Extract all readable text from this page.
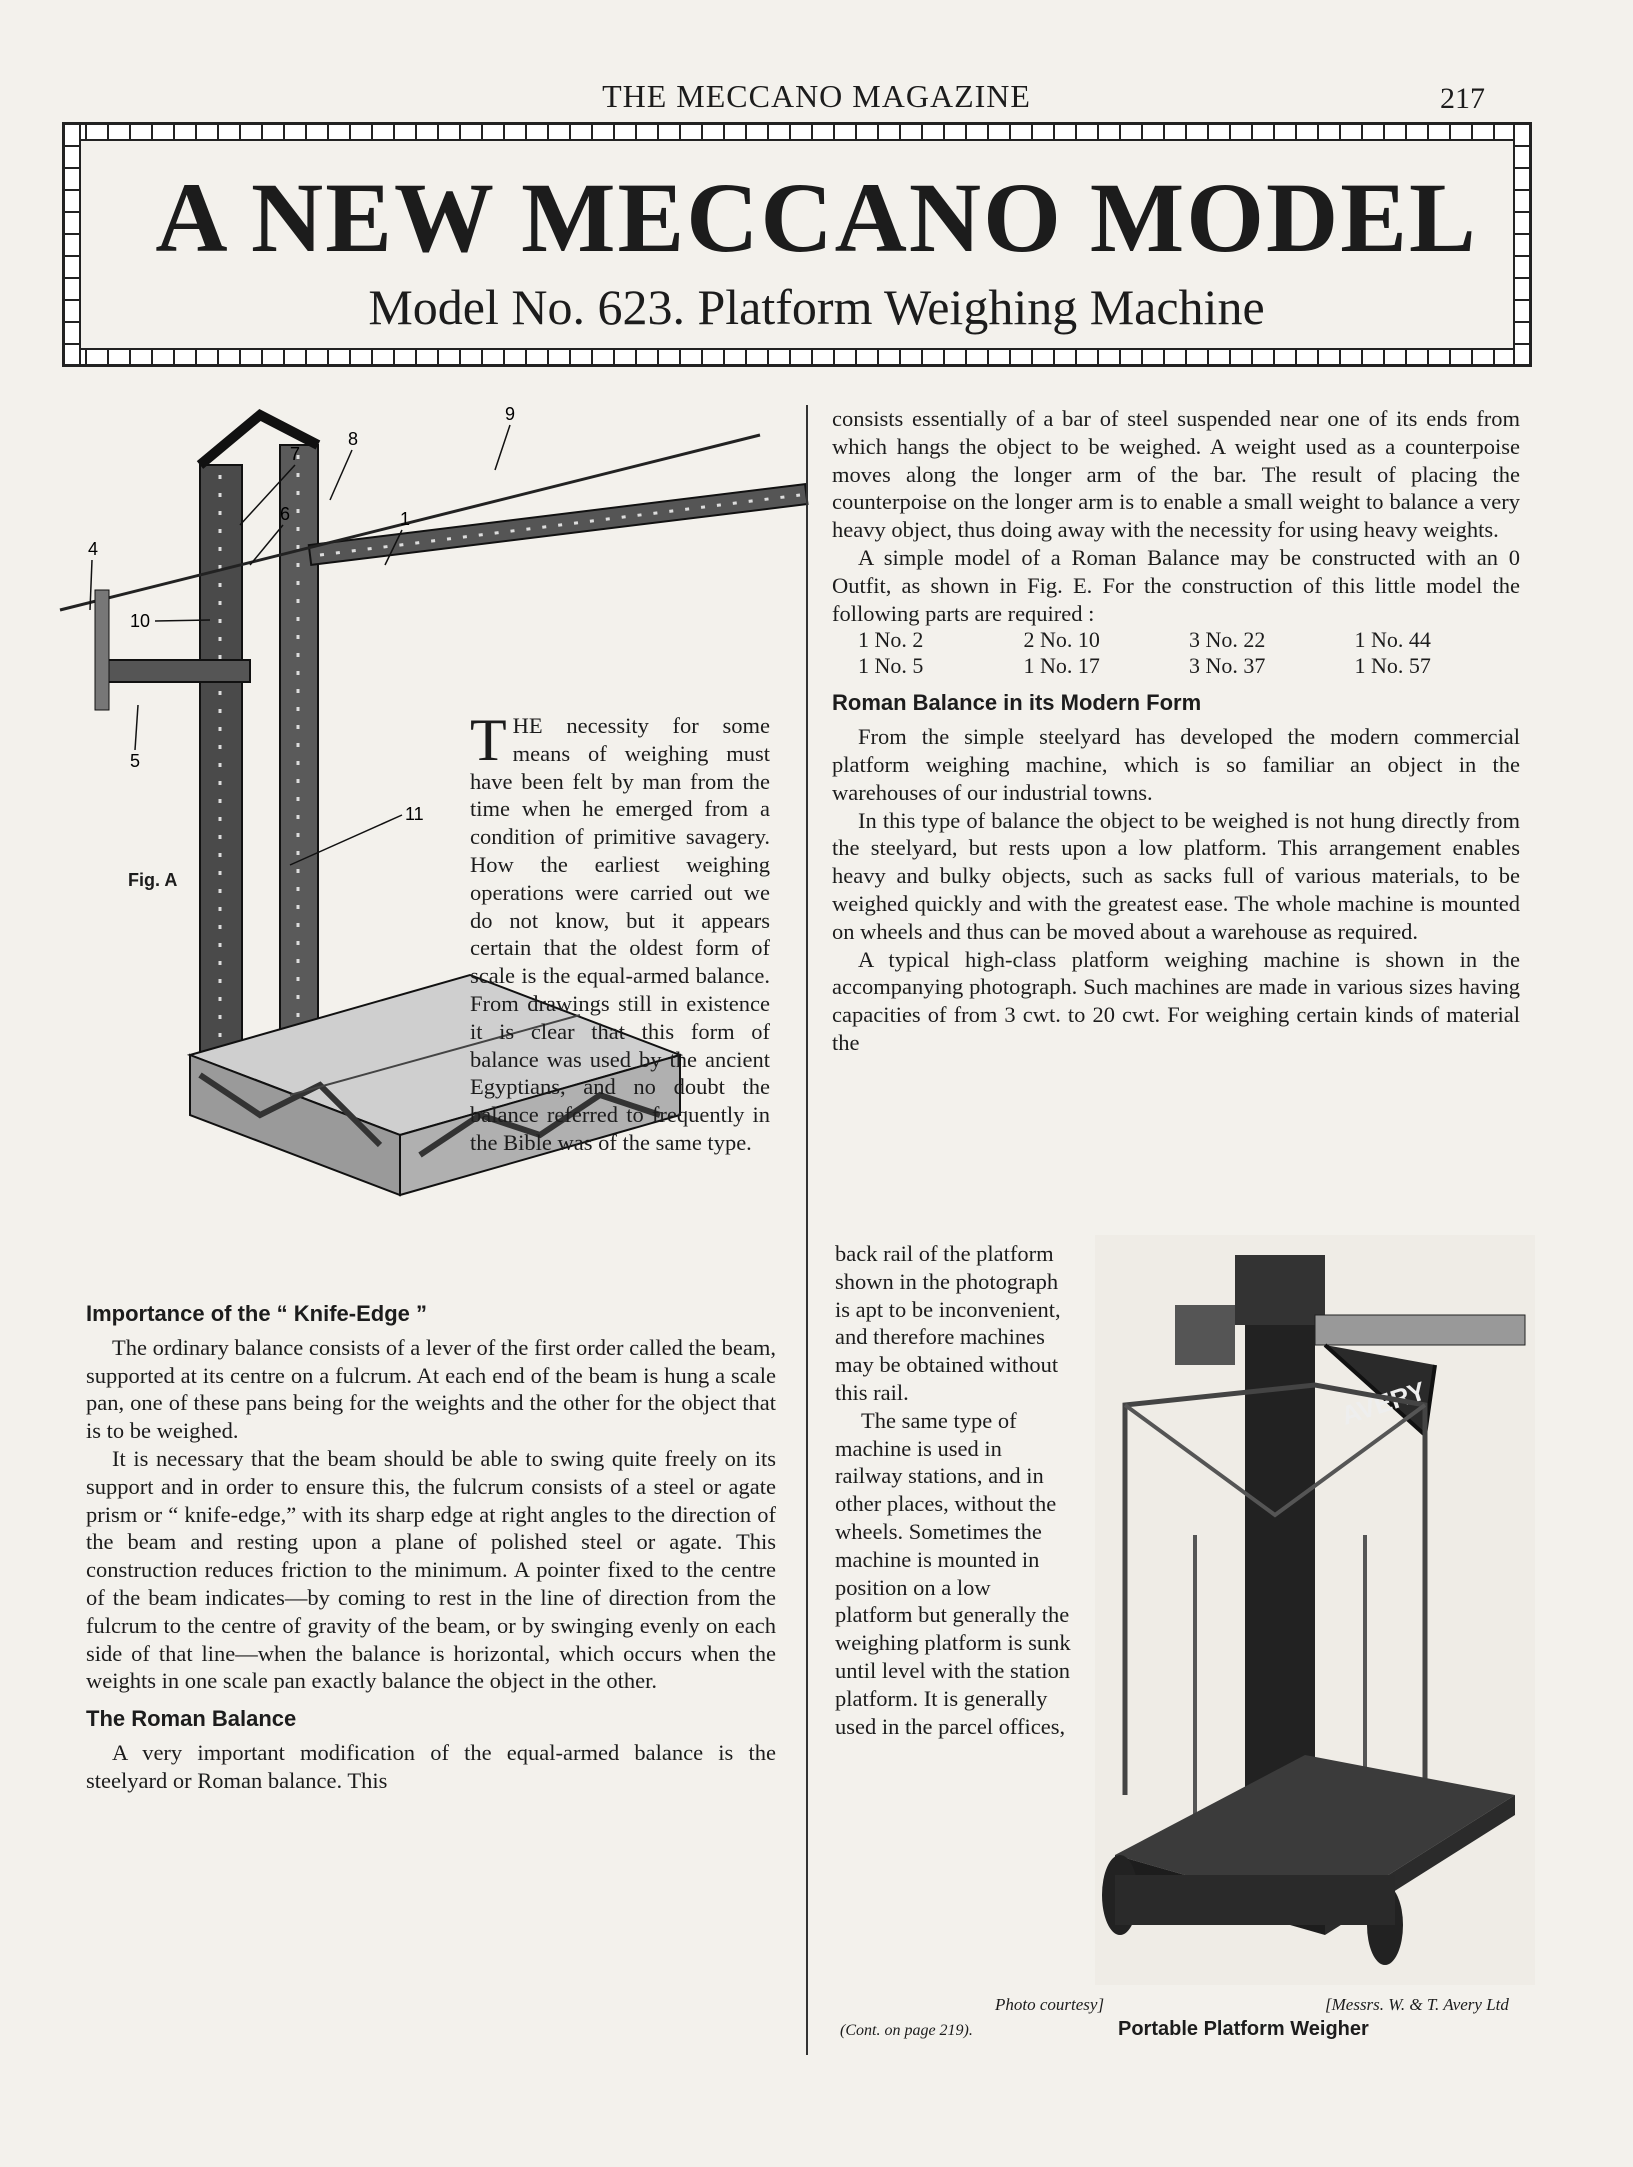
THE MECCANO MAGAZINE	217
A NEW MECCANO MODEL
Model No. 623. Platform Weighing Machine
9
8
7
6	1
4
10
5
11
Fig. A
THE necessity for some means of weighing must have been felt by man from the time when he emerged from a condition of primitive savagery. How the earliest weighing operations were carried out we do not know, but it appears certain that the oldest form of scale is the equal-armed balance. From drawings still in existence it is clear that this form of balance was used by the ancient Egyptians, and no doubt the balance referred to frequently in the Bible was of the same type.
Importance of the “ Knife-Edge ”

The ordinary balance consists of a lever of the first order called the beam, supported at its centre on a fulcrum. At each end of the beam is hung a scale pan, one of these pans being for the weights and the other for the object that is to be weighed.

It is necessary that the beam should be able to swing quite freely on its support and in order to ensure this, the fulcrum consists of a steel or agate prism or “ knife-edge,” with its sharp edge at right angles to the direction of the beam and resting upon a plane of polished steel or agate. This construction reduces friction to the minimum. A pointer fixed to the centre of the beam indicates—by coming to rest in the line of direction from the fulcrum to the centre of gravity of the beam, or by swinging evenly on each side of that line—when the balance is horizontal, which occurs when the weights in one scale pan exactly balance the object in the other.

The Roman Balance

A very important modification of the equal-armed balance is the steelyard or Roman balance. This

consists essentially of a bar of steel suspended near one of its ends from which hangs the object to be weighed. A weight used as a counterpoise moves along the longer arm of the bar. The result of placing the counterpoise on the longer arm is to enable a small weight to balance a very heavy object, thus doing away with the necessity for using heavy weights.

A simple model of a Roman Balance may be constructed with an 0 Outfit, as shown in Fig. E. For the construction of this little model the following parts are required :

1 No. 2	2 No. 10	3 No. 22	1 No. 44
1 No. 5	1 No. 17	3 No. 37	1 No. 57
Roman Balance in its Modern Form

From the simple steelyard has developed the modern commercial platform weighing machine, which is so familiar an object in the warehouses of our industrial towns.

In this type of balance the object to be weighed is not hung directly from the steelyard, but rests upon a low platform. This arrangement enables heavy and bulky objects, such as sacks full of various materials, to be weighed quickly and with the greatest ease. The whole machine is mounted on wheels and thus can be moved about a warehouse as required.

A typical high-class platform weighing machine is shown in the accompanying photograph. Such machines are made in various sizes having capacities of from 3 cwt. to 20 cwt. For weighing certain kinds of material the

back rail of the platform shown in the photograph is apt to be inconvenient, and therefore machines may be obtained without this rail.

The same type of machine is used in railway stations, and in other places, without the wheels. Sometimes the machine is mounted in position on a low platform but generally the weighing platform is sunk until level with the station platform. It is generally used in the parcel offices,

(Cont. on page 219).
AVERY
Photo courtesy]	[Messrs. W. & T. Avery Ltd
Portable Platform Weigher
